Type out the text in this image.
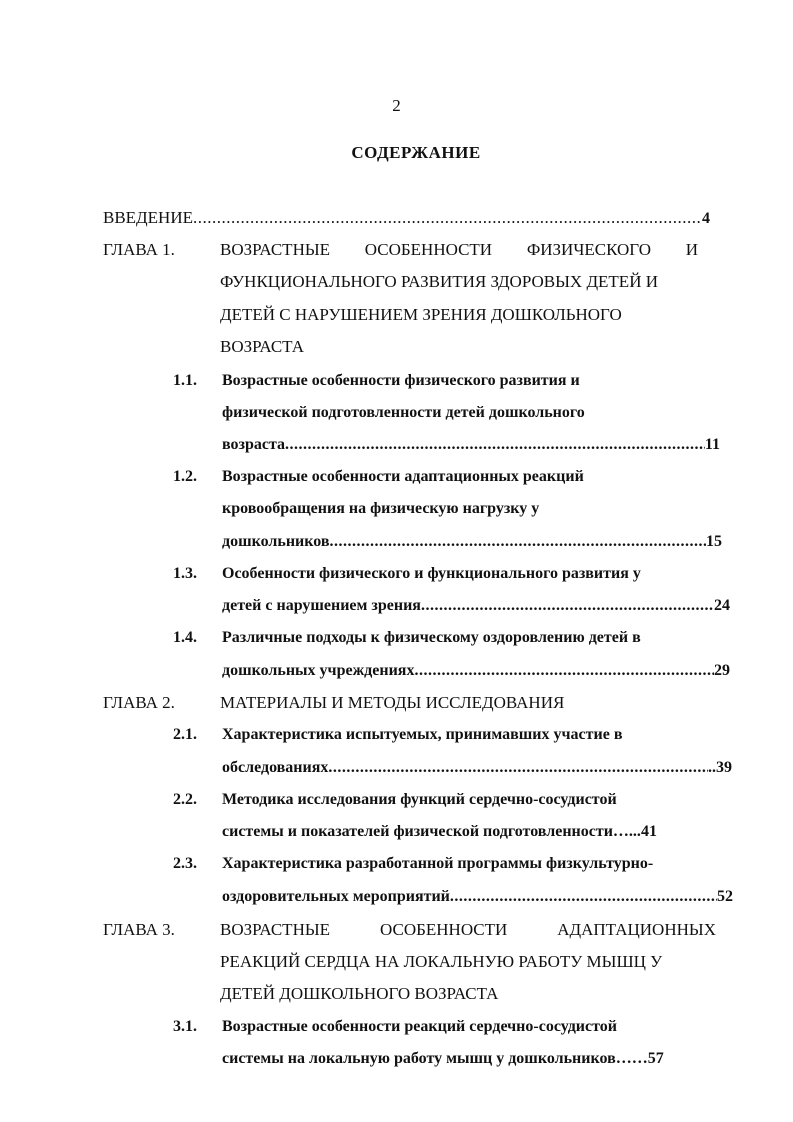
2
СОДЕРЖАНИЕ
ВВЕДЕНИЕ .....	4
ГЛАВА 1.	ВОЗРАСТНЫЕ ОСОБЕННОСТИ ФИЗИЧЕСКОГО И
ФУНКЦИОНАЛЬНОГО РАЗВИТИЯ ЗДОРОВЫХ ДЕТЕЙ И
ДЕТЕЙ С НАРУШЕНИЕМ ЗРЕНИЯ ДОШКОЛЬНОГО
ВОЗРАСТА
1.1. Возрастные особенности физического развития и
физической подготовленности детей дошкольного
возраста .....	11
1.2. Возрастные особенности адаптационных реакций
кровообращения на физическую нагрузку у
дошкольников .....	15
1.3. Особенности физического и функционального развития у
детей с нарушением зрения .....	24
1.4. Различные подходы к физическому оздоровлению детей в
дошкольных учреждениях .....	29
ГЛАВА 2.	МАТЕРИАЛЫ И МЕТОДЫ ИССЛЕДОВАНИЯ
2.1. Характеристика испытуемых, принимавших участие в
обследованиях .....	..39
2.2. Методика исследования функций сердечно-сосудистой
системы и показателей физической подготовленности…... 41
2.3. Характеристика разработанной программы физкультурно-
оздоровительных мероприятий .....	52
ГЛАВА 3.	ВОЗРАСТНЫЕ ОСОБЕННОСТИ АДАПТАЦИОННЫХ
РЕАКЦИЙ СЕРДЦА НА ЛОКАЛЬНУЮ РАБОТУ МЫШЦ У
ДЕТЕЙ ДОШКОЛЬНОГО ВОЗРАСТА
3.1. Возрастные особенности реакций сердечно-сосудистой
системы на локальную работу мышц у дошкольников…… 57
